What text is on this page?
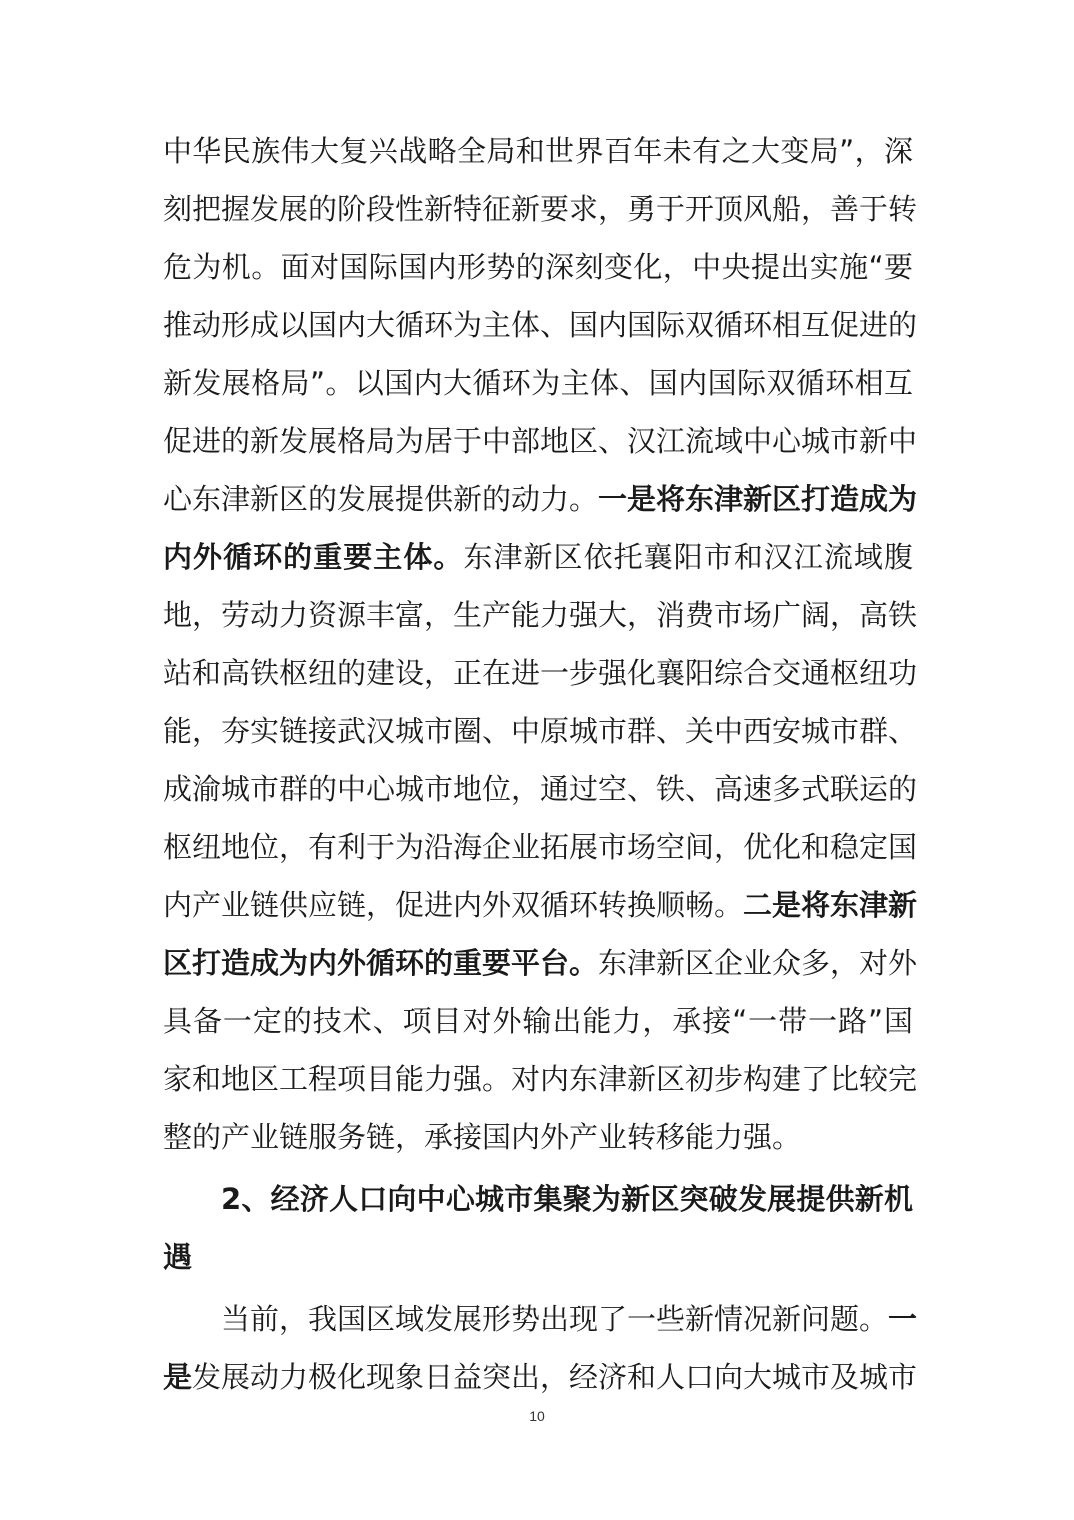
中华民族伟大复兴战略全局和世界百年未有之大变局”，深
刻把握发展的阶段性新特征新要求，勇于开顶风船，善于转
危为机。面对国际国内形势的深刻变化，中央提出实施“要
推动形成以国内大循环为主体、国内国际双循环相互促进的
新发展格局”。以国内大循环为主体、国内国际双循环相互
促进的新发展格局为居于中部地区、汉江流域中心城市新中
心东津新区的发展提供新的动力。一是将东津新区打造成为
内外循环的重要主体。东津新区依托襄阳市和汉江流域腹
地，劳动力资源丰富，生产能力强大，消费市场广阔，高铁
站和高铁枢纽的建设，正在进一步强化襄阳综合交通枢纽功
能，夯实链接武汉城市圈、中原城市群、关中西安城市群、
成渝城市群的中心城市地位，通过空、铁、高速多式联运的
枢纽地位，有利于为沿海企业拓展市场空间，优化和稳定国
内产业链供应链，促进内外双循环转换顺畅。二是将东津新
区打造成为内外循环的重要平台。东津新区企业众多，对外
具备一定的技术、项目对外输出能力，承接“一带一路”国
家和地区工程项目能力强。对内东津新区初步构建了比较完
整的产业链服务链，承接国内外产业转移能力强。
2、经济人口向中心城市集聚为新区突破发展提供新机
遇
当前，我国区域发展形势出现了一些新情况新问题。一
是发展动力极化现象日益突出，经济和人口向大城市及城市
10
